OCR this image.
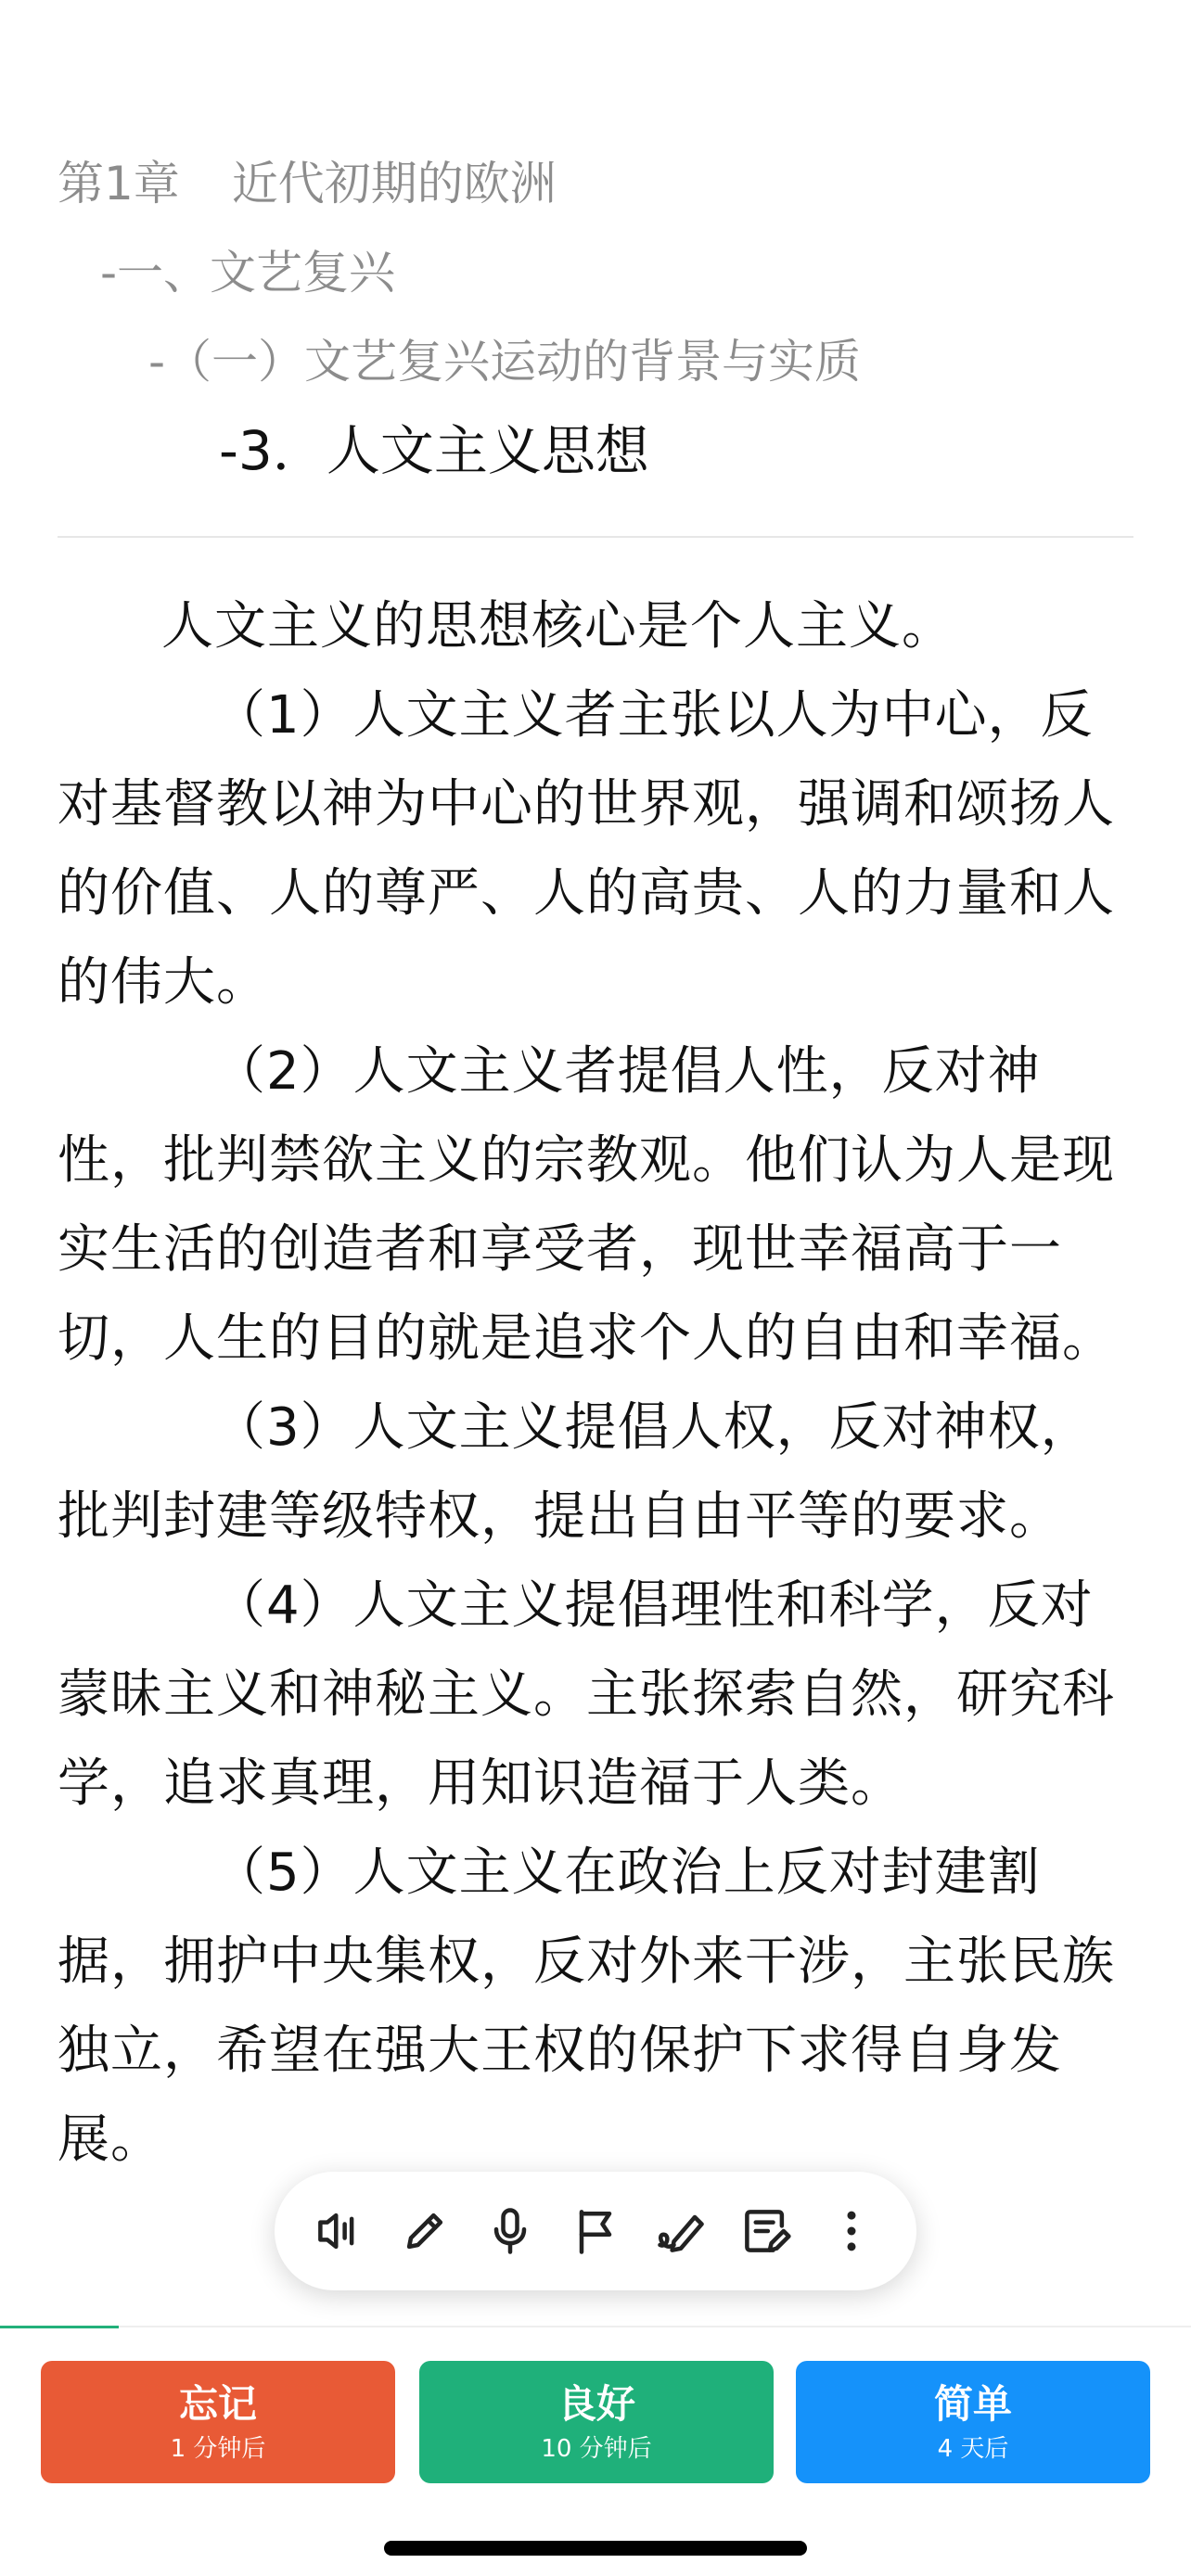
第1章 近代初期的欧洲
-一、文艺复兴
-（一）文艺复兴运动的背景与实质
-3．人文主义思想

人文主义的思想核心是个人主义。

（1）人文主义者主张以人为中心，反对基督教以神为中心的世界观，强调和颂扬人的价值、人的尊严、人的高贵、人的力量和人的伟大。

（2）人文主义者提倡人性，反对神性，批判禁欲主义的宗教观。他们认为人是现实生活的创造者和享受者，现世幸福高于一切，人生的目的就是追求个人的自由和幸福。

（3）人文主义提倡人权，反对神权，批判封建等级特权，提出自由平等的要求。

（4）人文主义提倡理性和科学，反对蒙昧主义和神秘主义。主张探索自然，研究科学，追求真理，用知识造福于人类。

（5）人文主义在政治上反对封建割据，拥护中央集权，反对外来干涉，主张民族独立，希望在强大王权的保护下求得自身发展。

忘记
1 分钟后
良好
10 分钟后
简单
4 天后
